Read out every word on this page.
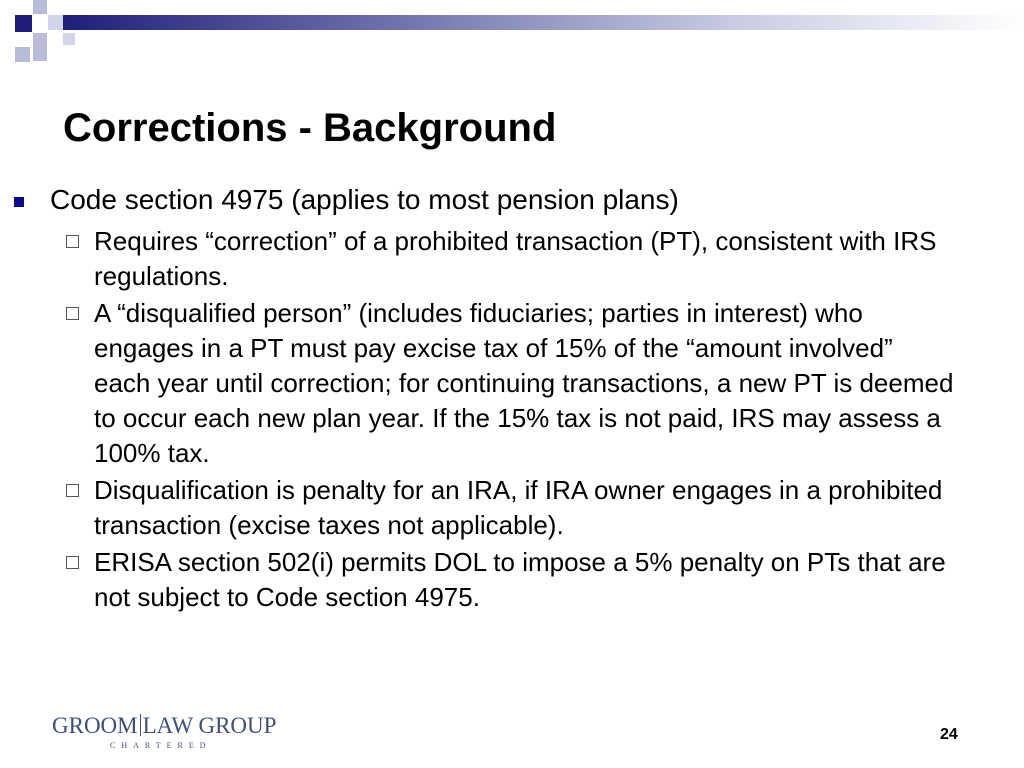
Corrections - Background
Code section 4975 (applies to most pension plans)
Requires “correction” of a prohibited transaction (PT), consistent with IRS regulations.
A “disqualified person” (includes fiduciaries; parties in interest) who engages in a PT must pay excise tax of 15% of the “amount involved” each year until correction; for continuing transactions, a new PT is deemed to occur each new plan year. If the 15% tax is not paid, IRS may assess a 100% tax.
Disqualification is penalty for an IRA, if IRA owner engages in a prohibited transaction (excise taxes not applicable).
ERISA section 502(i) permits DOL to impose a 5% penalty on PTs that are not subject to Code section 4975.
GROOM LAW GROUP
CHARTERED
24
